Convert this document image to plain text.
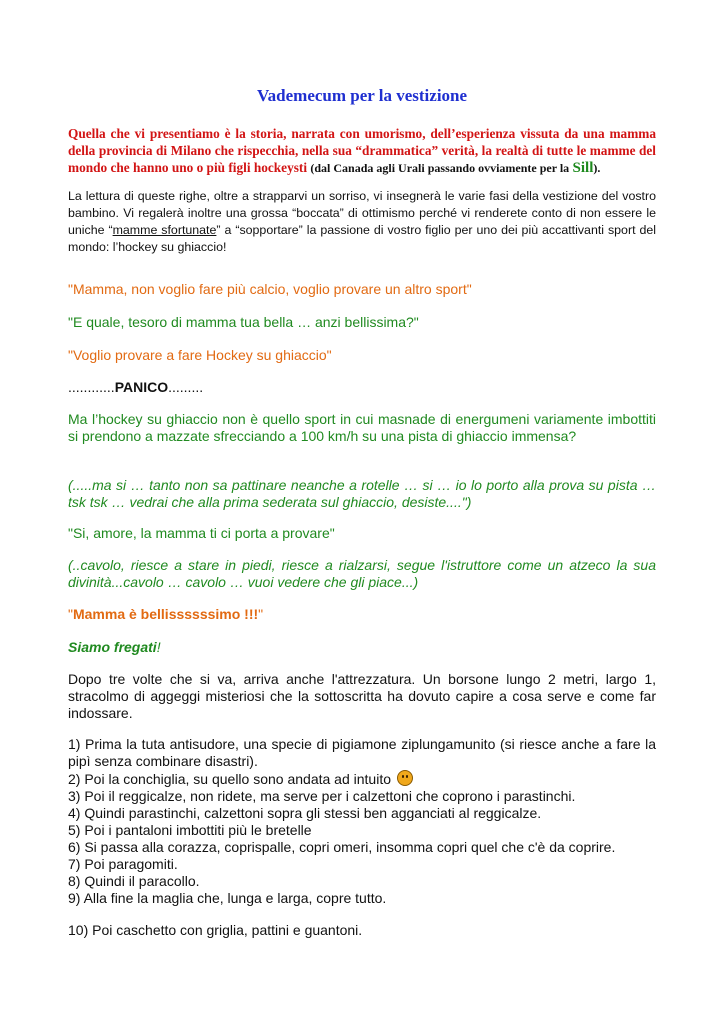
Vademecum per la vestizione
Quella che vi presentiamo è la storia, narrata con umorismo, dell’esperienza vissuta da una mamma della provincia di Milano che rispecchia, nella sua “drammatica” verità, la realtà di tutte le mamme del mondo che hanno uno o più figli hockeysti (dal Canada agli Urali passando ovviamente per la Sill).
La lettura di queste righe, oltre a strapparvi un sorriso, vi insegnerà le varie fasi della vestizione del vostro bambino. Vi regalerà inoltre una grossa “boccata” di ottimismo perché vi renderete conto di non essere le uniche “mamme sfortunate” a “sopportare” la passione di vostro figlio per uno dei più accattivanti sport del mondo: l’hockey su ghiaccio!
"Mamma, non voglio fare più calcio, voglio provare un altro sport"
"E quale, tesoro di mamma tua bella … anzi bellissima?"
"Voglio provare a fare Hockey su ghiaccio"
............PANICO.........
Ma l’hockey su ghiaccio non è quello sport in cui masnade di energumeni variamente imbottiti si prendono a mazzate sfrecciando a 100 km/h su una pista di ghiaccio immensa?
(.....ma si … tanto non sa pattinare neanche a rotelle … si … io lo porto alla prova su pista … tsk tsk … vedrai che alla prima sederata sul ghiaccio, desiste....")
"Si, amore, la mamma ti ci porta a provare"
(..cavolo, riesce a stare in piedi, riesce a rialzarsi, segue l'istruttore come un atzeco la sua divinità...cavolo … cavolo … vuoi vedere che gli piace...)
"Mamma è bellissssssimo !!!"
Siamo fregati!
Dopo tre volte che si va, arriva anche l'attrezzatura. Un borsone lungo 2 metri, largo 1, stracolmo di aggeggi misteriosi che la sottoscritta ha dovuto capire a cosa serve e come far indossare.
1) Prima la tuta antisudore, una specie di pigiamone ziplungamunito (si riesce anche a fare la pipì senza combinare disastri).
2) Poi la conchiglia, su quello sono andata ad intuito
3) Poi il reggicalze, non ridete, ma serve per i calzettoni che coprono i parastinchi.
4) Quindi parastinchi, calzettoni sopra gli stessi ben agganciati al reggicalze.
5) Poi i pantaloni imbottiti più le bretelle
6) Si passa alla corazza, coprispalle, copri omeri, insomma copri quel che c'è da coprire.
7) Poi paragomiti.
8) Quindi il paracollo.
9) Alla fine la maglia che, lunga e larga, copre tutto.
10) Poi caschetto con griglia, pattini e guantoni.
